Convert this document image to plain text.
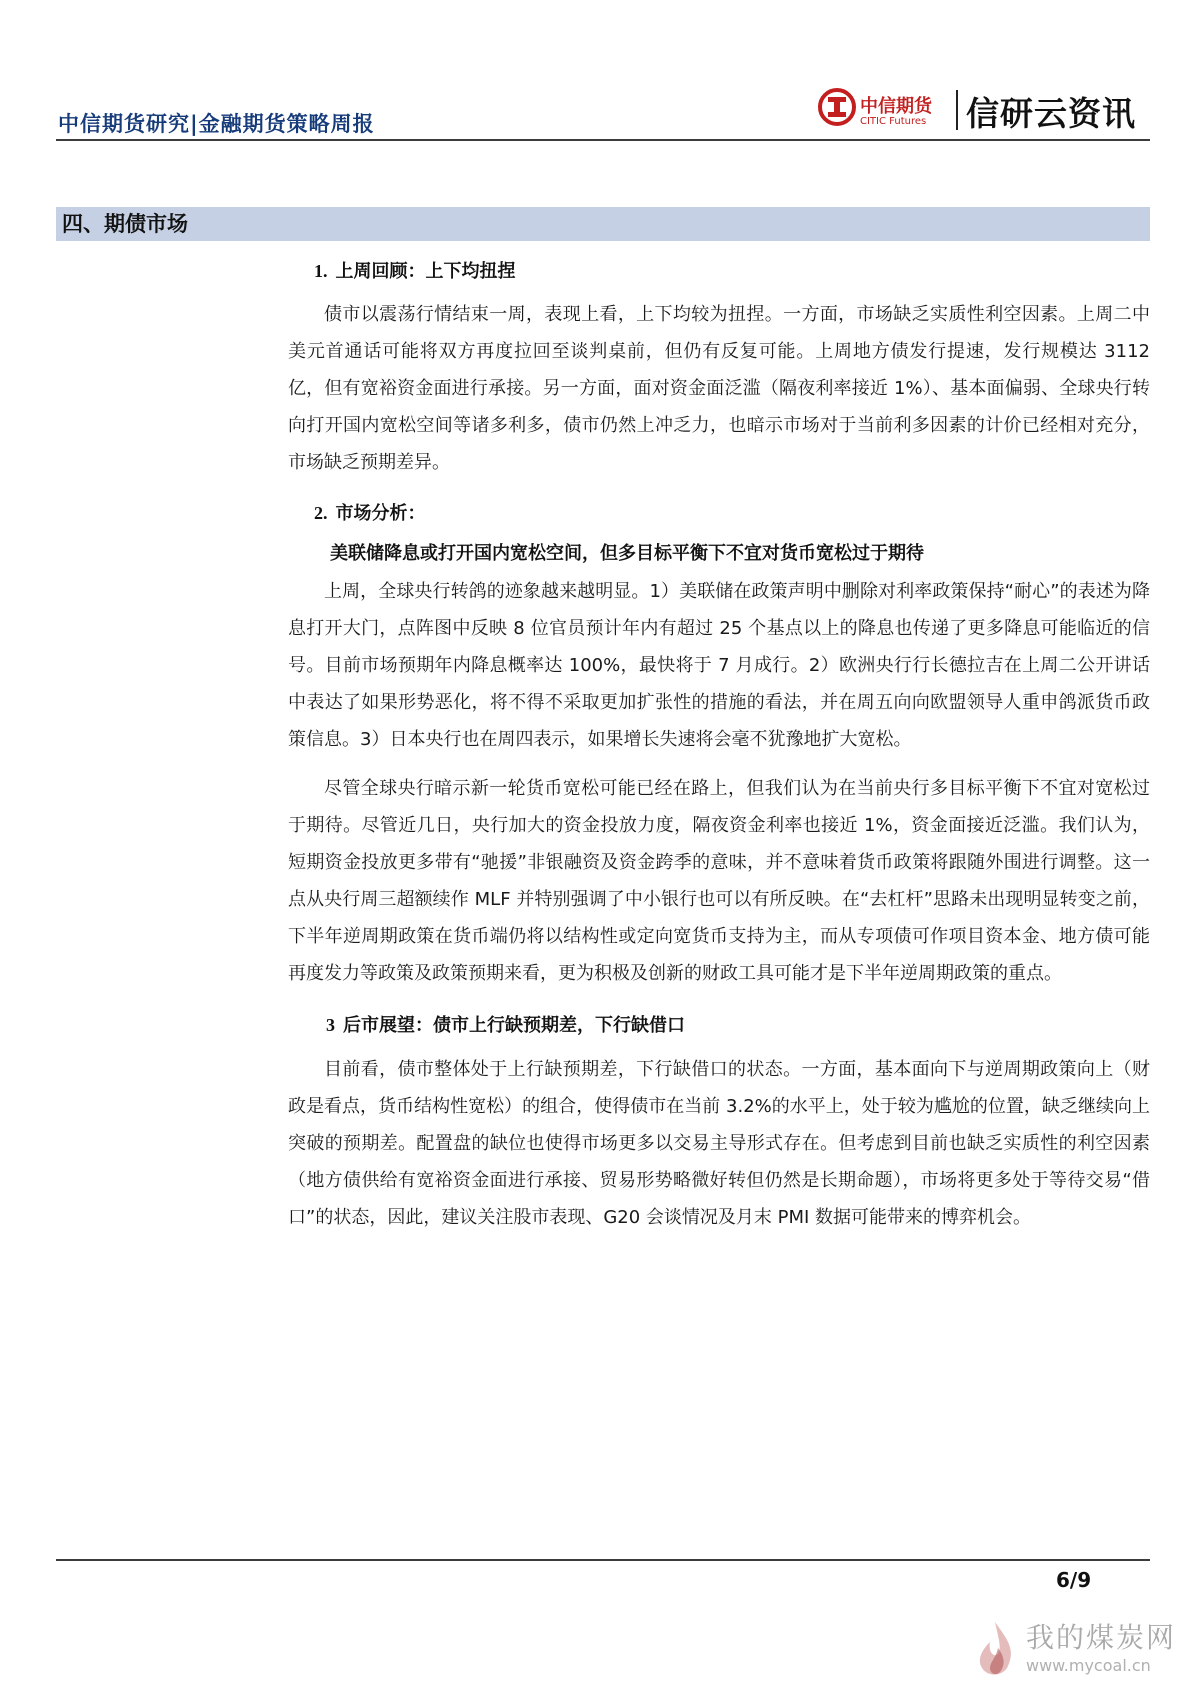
中信期货研究|金融期货策略周报
中信期货
CITIC Futures 信研云资讯
四、期债市场

1. 上周回顾：上下均扭捏

债市以震荡行情结束一周，表现上看，上下均较为扭捏。一方面，市场缺乏实质性利空因素。上周二中美元首通话可能将双方再度拉回至谈判桌前，但仍有反复可能。上周地方债发行提速，发行规模达 3112 亿，但有宽裕资金面进行承接。另一方面，面对资金面泛滥（隔夜利率接近 1%）、基本面偏弱、全球央行转向打开国内宽松空间等诸多利多，债市仍然上冲乏力，也暗示市场对于当前利多因素的计价已经相对充分，市场缺乏预期差异。

2. 市场分析：

美联储降息或打开国内宽松空间，但多目标平衡下不宜对货币宽松过于期待

上周，全球央行转鸽的迹象越来越明显。1）美联储在政策声明中删除对利率政策保持“耐心”的表述为降息打开大门，点阵图中反映 8 位官员预计年内有超过 25 个基点以上的降息也传递了更多降息可能临近的信号。目前市场预期年内降息概率达 100%，最快将于 7 月成行。2）欧洲央行行长德拉吉在上周二公开讲话中表达了如果形势恶化，将不得不采取更加扩张性的措施的看法，并在周五向向欧盟领导人重申鸽派货币政策信息。3）日本央行也在周四表示，如果增长失速将会毫不犹豫地扩大宽松。

尽管全球央行暗示新一轮货币宽松可能已经在路上，但我们认为在当前央行多目标平衡下不宜对宽松过于期待。尽管近几日，央行加大的资金投放力度，隔夜资金利率也接近 1%，资金面接近泛滥。我们认为，短期资金投放更多带有“驰援”非银融资及资金跨季的意味，并不意味着货币政策将跟随外围进行调整。这一点从央行周三超额续作 MLF 并特别强调了中小银行也可以有所反映。在“去杠杆”思路未出现明显转变之前，下半年逆周期政策在货币端仍将以结构性或定向宽货币支持为主，而从专项债可作项目资本金、地方债可能再度发力等政策及政策预期来看，更为积极及创新的财政工具可能才是下半年逆周期政策的重点。

3 后市展望：债市上行缺预期差，下行缺借口

目前看，债市整体处于上行缺预期差，下行缺借口的状态。一方面，基本面向下与逆周期政策向上（财政是看点，货币结构性宽松）的组合，使得债市在当前 3.2%的水平上，处于较为尴尬的位置，缺乏继续向上突破的预期差。配置盘的缺位也使得市场更多以交易主导形式存在。但考虑到目前也缺乏实质性的利空因素（地方债供给有宽裕资金面进行承接、贸易形势略微好转但仍然是长期命题），市场将更多处于等待交易“借口”的状态，因此，建议关注股市表现、G20 会谈情况及月末 PMI 数据可能带来的博弈机会。

6/9
我的煤炭网
www.mycoal.cn
